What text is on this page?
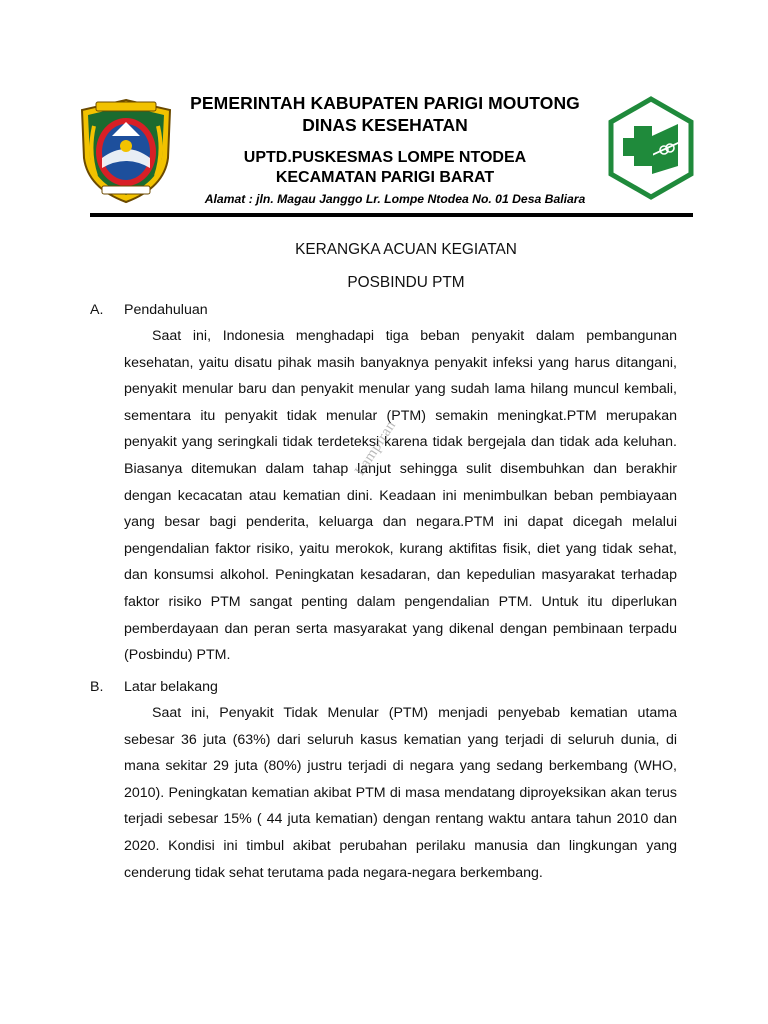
PEMERINTAH KABUPATEN PARIGI MOUTONG
DINAS KESEHATAN
UPTD.PUSKESMAS LOMPE NTODEA
KECAMATAN PARIGI BARAT
Alamat : jln. Magau Janggo Lr. Lompe Ntodea No. 01 Desa Baliara
KERANGKA ACUAN KEGIATAN
POSBINDU PTM
A. Pendahuluan

Saat ini, Indonesia menghadapi tiga beban penyakit dalam pembangunan kesehatan, yaitu disatu pihak masih banyaknya penyakit infeksi yang harus ditangani, penyakit menular baru dan penyakit menular yang sudah lama hilang muncul kembali, sementara itu penyakit tidak menular (PTM) semakin meningkat.PTM merupakan penyakit yang seringkali tidak terdeteksi karena tidak bergejala dan tidak ada keluhan. Biasanya ditemukan dalam tahap lanjut sehingga sulit disembuhkan dan berakhir dengan kecacatan atau kematian dini. Keadaan ini menimbulkan beban pembiayaan yang besar bagi penderita, keluarga dan negara.PTM ini dapat dicegah melalui pengendalian faktor risiko, yaitu merokok, kurang aktifitas fisik, diet yang tidak sehat, dan konsumsi alkohol. Peningkatan kesadaran, dan kepedulian masyarakat terhadap faktor risiko PTM sangat penting dalam pengendalian PTM. Untuk itu diperlukan pemberdayaan dan peran serta masyarakat yang dikenal dengan pembinaan terpadu (Posbindu) PTM.

B. Latar belakang

Saat ini, Penyakit Tidak Menular (PTM) menjadi penyebab kematian utama sebesar 36 juta (63%) dari seluruh kasus kematian yang terjadi di seluruh dunia, di mana sekitar 29 juta (80%) justru terjadi di negara yang sedang berkembang (WHO, 2010). Peningkatan kematian akibat PTM di masa mendatang diproyeksikan akan terus terjadi sebesar 15% ( 44 juta kematian) dengan rentang waktu antara tahun 2010 dan 2020. Kondisi ini timbul akibat perubahan perilaku manusia dan lingkungan yang cenderung tidak sehat terutama pada negara-negara berkembang.

Lampiran
